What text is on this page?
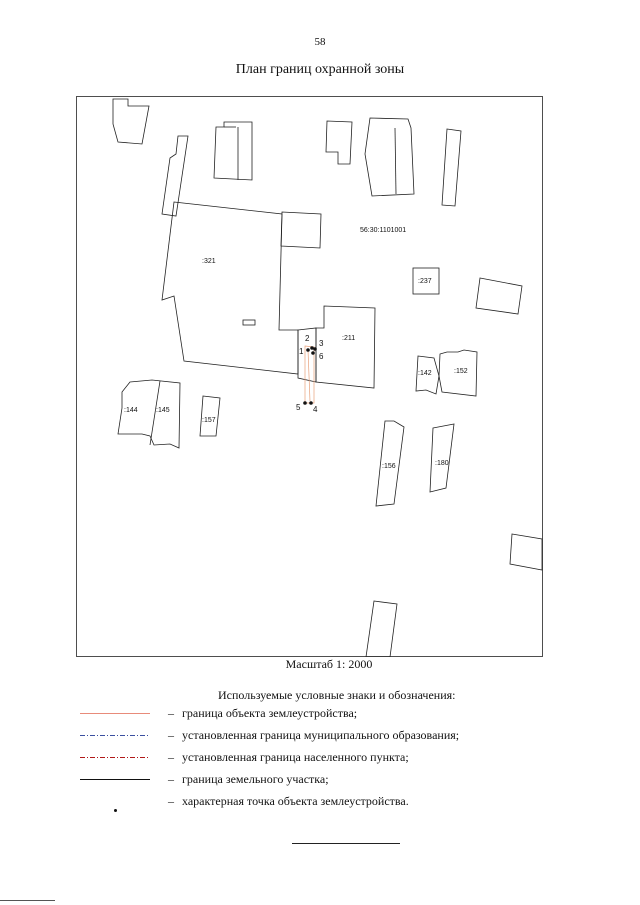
58
План границ охранной зоны
56:30:1101001
:321
:237
:211
:142	:152
:144	:145
:157
:156	:180
1
2
3
4
5
6
Масштаб 1: 2000
Используемые условные знаки и обозначения:
– граница объекта землеустройства;
– установленная граница муниципального образования;
– установленная граница населенного пункта;
– граница земельного участка;
– характерная точка объекта землеустройства.
